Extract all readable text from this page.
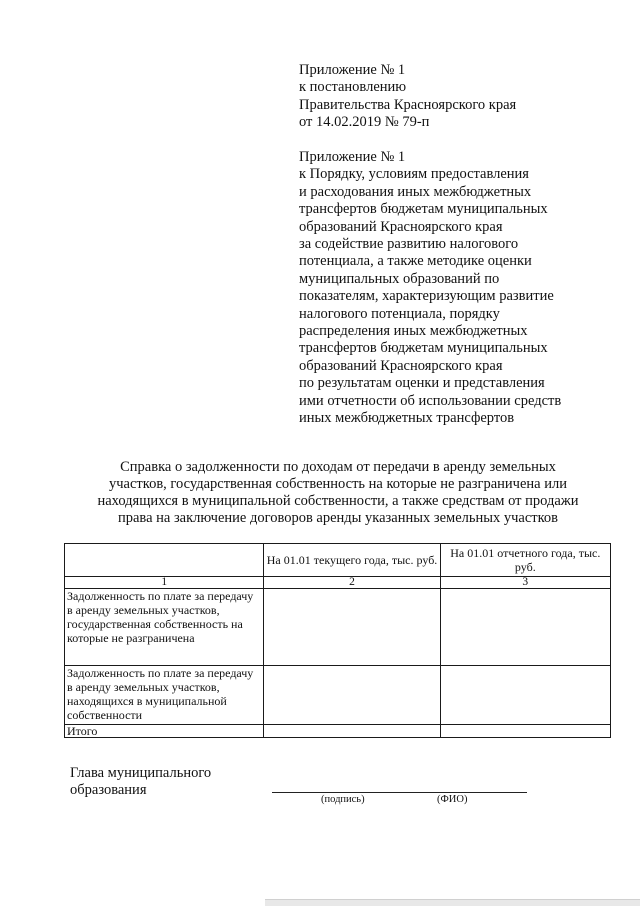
Приложение № 1
к постановлению
Правительства Красноярского края
от 14.02.2019 № 79-п
Приложение № 1
к Порядку, условиям предоставления
и расходования иных межбюджетных
трансфертов бюджетам муниципальных
образований Красноярского края
за содействие развитию налогового
потенциала, а также методике оценки
муниципальных образований по
показателям, характеризующим развитие
налогового потенциала, порядку
распределения иных межбюджетных
трансфертов бюджетам муниципальных
образований Красноярского края
по результатам оценки и представления
ими отчетности об использовании средств
иных межбюджетных трансфертов
Справка о задолженности по доходам от передачи в аренду земельных
участков, государственная собственность на которые не разграничена или
находящихся в муниципальной собственности, а также средствам от продажи
права на заключение договоров аренды указанных земельных участков
	На 01.01 текущего года, тыс. руб.	На 01.01 отчетного года, тыс. руб.
1	2	3
Задолженность по плате за передачу в аренду земельных участков, государственная собственность на которые не разграничена		
Задолженность по плате за передачу в аренду земельных участков, находящихся в муниципальной собственности		
Итого		
Глава муниципального
образования
(подпись)	(ФИО)
